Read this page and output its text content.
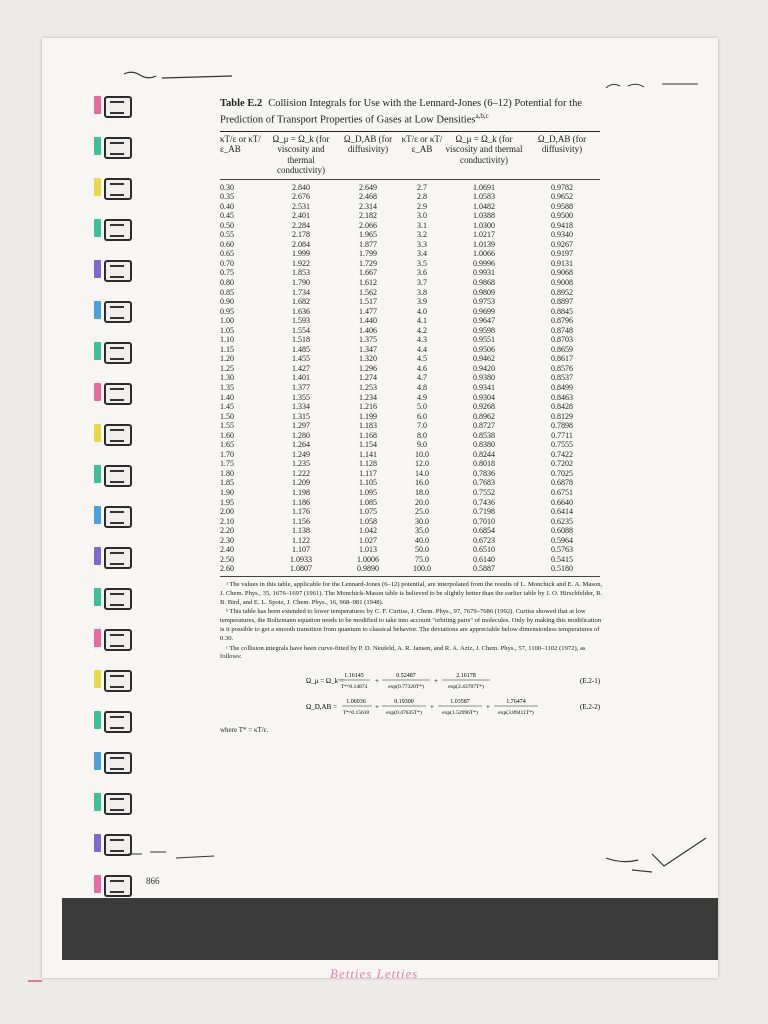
866
Table E.2 Collision Integrals for Use with the Lennard-Jones (6–12) Potential for the Prediction of Transport Properties of Gases at Low Densities$^{a,b,c}$
κT/ε or κT/ε_AB
Ω_μ = Ω_k (for viscosity and thermal conductivity)
Ω_D,AB (for diffusivity)
κT/ε or κT/ε_AB
Ω_μ = Ω_k (for viscosity and thermal conductivity)
Ω_D,AB (for diffusivity)
0.30
0.35
0.40
0.45
0.50
0.55
0.60
0.65
0.70
0.75
0.80
0.85
0.90
0.95
1.00
1.05
1.10
1.15
1.20
1.25
1.30
1.35
1.40
1.45
1.50
1.55
1.60
1.65
1.70
1.75
1.80
1.85
1.90
1.95
2.00
2.10
2.20
2.30
2.40
2.50
2.60
2.840
2.676
2.531
2.401
2.284
2.178
2.084
1.999
1.922
1.853
1.790
1.734
1.682
1.636
1.593
1.554
1.518
1.485
1.455
1.427
1.401
1.377
1.355
1.334
1.315
1.297
1.280
1.264
1.249
1.235
1.222
1.209
1.198
1.186
1.176
1.156
1.138
1.122
1.107
1.0933
1.0807
2.649
2.468
2.314
2.182
2.066
1.965
1.877
1.799
1.729
1.667
1.612
1.562
1.517
1.477
1.440
1.406
1.375
1.347
1.320
1.296
1.274
1.253
1.234
1.216
1.199
1.183
1.168
1.154
1.141
1.128
1.117
1.105
1.095
1.085
1.075
1.058
1.042
1.027
1.013
1.0006
0.9890
2.7
2.8
2.9
3.0
3.1
3.2
3.3
3.4
3.5
3.6
3.7
3.8
3.9
4.0
4.1
4.2
4.3
4.4
4.5
4.6
4.7
4.8
4.9
5.0
6.0
7.0
8.0
9.0
10.0
12.0
14.0
16.0
18.0
20.0
25.0
30.0
35.0
40.0
50.0
75.0
100.0
1.0691
1.0583
1.0482
1.0388
1.0300
1.0217
1.0139
1.0066
0.9996
0.9931
0.9868
0.9809
0.9753
0.9699
0.9647
0.9598
0.9551
0.9506
0.9462
0.9420
0.9380
0.9341
0.9304
0.9268
0.8962
0.8727
0.8538
0.8380
0.8244
0.8018
0.7836
0.7683
0.7552
0.7436
0.7198
0.7010
0.6854
0.6723
0.6510
0.6140
0.5887
0.9782
0.9652
0.9588
0.9500
0.9418
0.9340
0.9267
0.9197
0.9131
0.9068
0.9008
0.8952
0.8897
0.8845
0.8796
0.8748
0.8703
0.8659
0.8617
0.8576
0.8537
0.8499
0.8463
0.8428
0.8129
0.7898
0.7711
0.7555
0.7422
0.7202
0.7025
0.6878
0.6751
0.6640
0.6414
0.6235
0.6088
0.5964
0.5763
0.5415
0.5180

ᵃ The values in this table, applicable for the Lennard-Jones (6–12) potential, are interpolated from the results of L. Monchick and E. A. Mason, J. Chem. Phys., 35, 1676–1697 (1961). The Monchick-Mason table is believed to be slightly better than the earlier table by J. O. Hirschfelder, R. B. Bird, and E. L. Spotz, J. Chem. Phys., 16, 968–981 (1948).

ᵇ This table has been extended to lower temperatures by C. F. Curtiss, J. Chem. Phys., 97, 7679–7686 (1992). Curtiss showed that at low temperatures, the Boltzmann equation needs to be modified to take into account "orbiting pairs" of molecules. Only by making this modification is it possible to get a smooth transition from quantum to classical behavior. The deviations are appreciable below dimensionless temperatures of 0.30.

ᶜ The collision integrals have been curve-fitted by P. D. Neufeld, A. R. Jansen, and R. A. Aziz, J. Chem. Phys., 57, 1100–1102 (1972), as follows:

Ω_μ = Ω_k =
1.16145
T*^0.14874
+
0.52487
exp(0.77320T*)
+
2.16178
exp(2.43787T*)
(E.2-1)
Ω_D,AB =
1.06036
T*^0.15610
+
0.19300
exp(0.47635T*)
+
1.03587
exp(1.52996T*)
+
1.76474
exp(3.89411T*)
(E.2-2)
where T* = κT/ε.
Betties Letties
